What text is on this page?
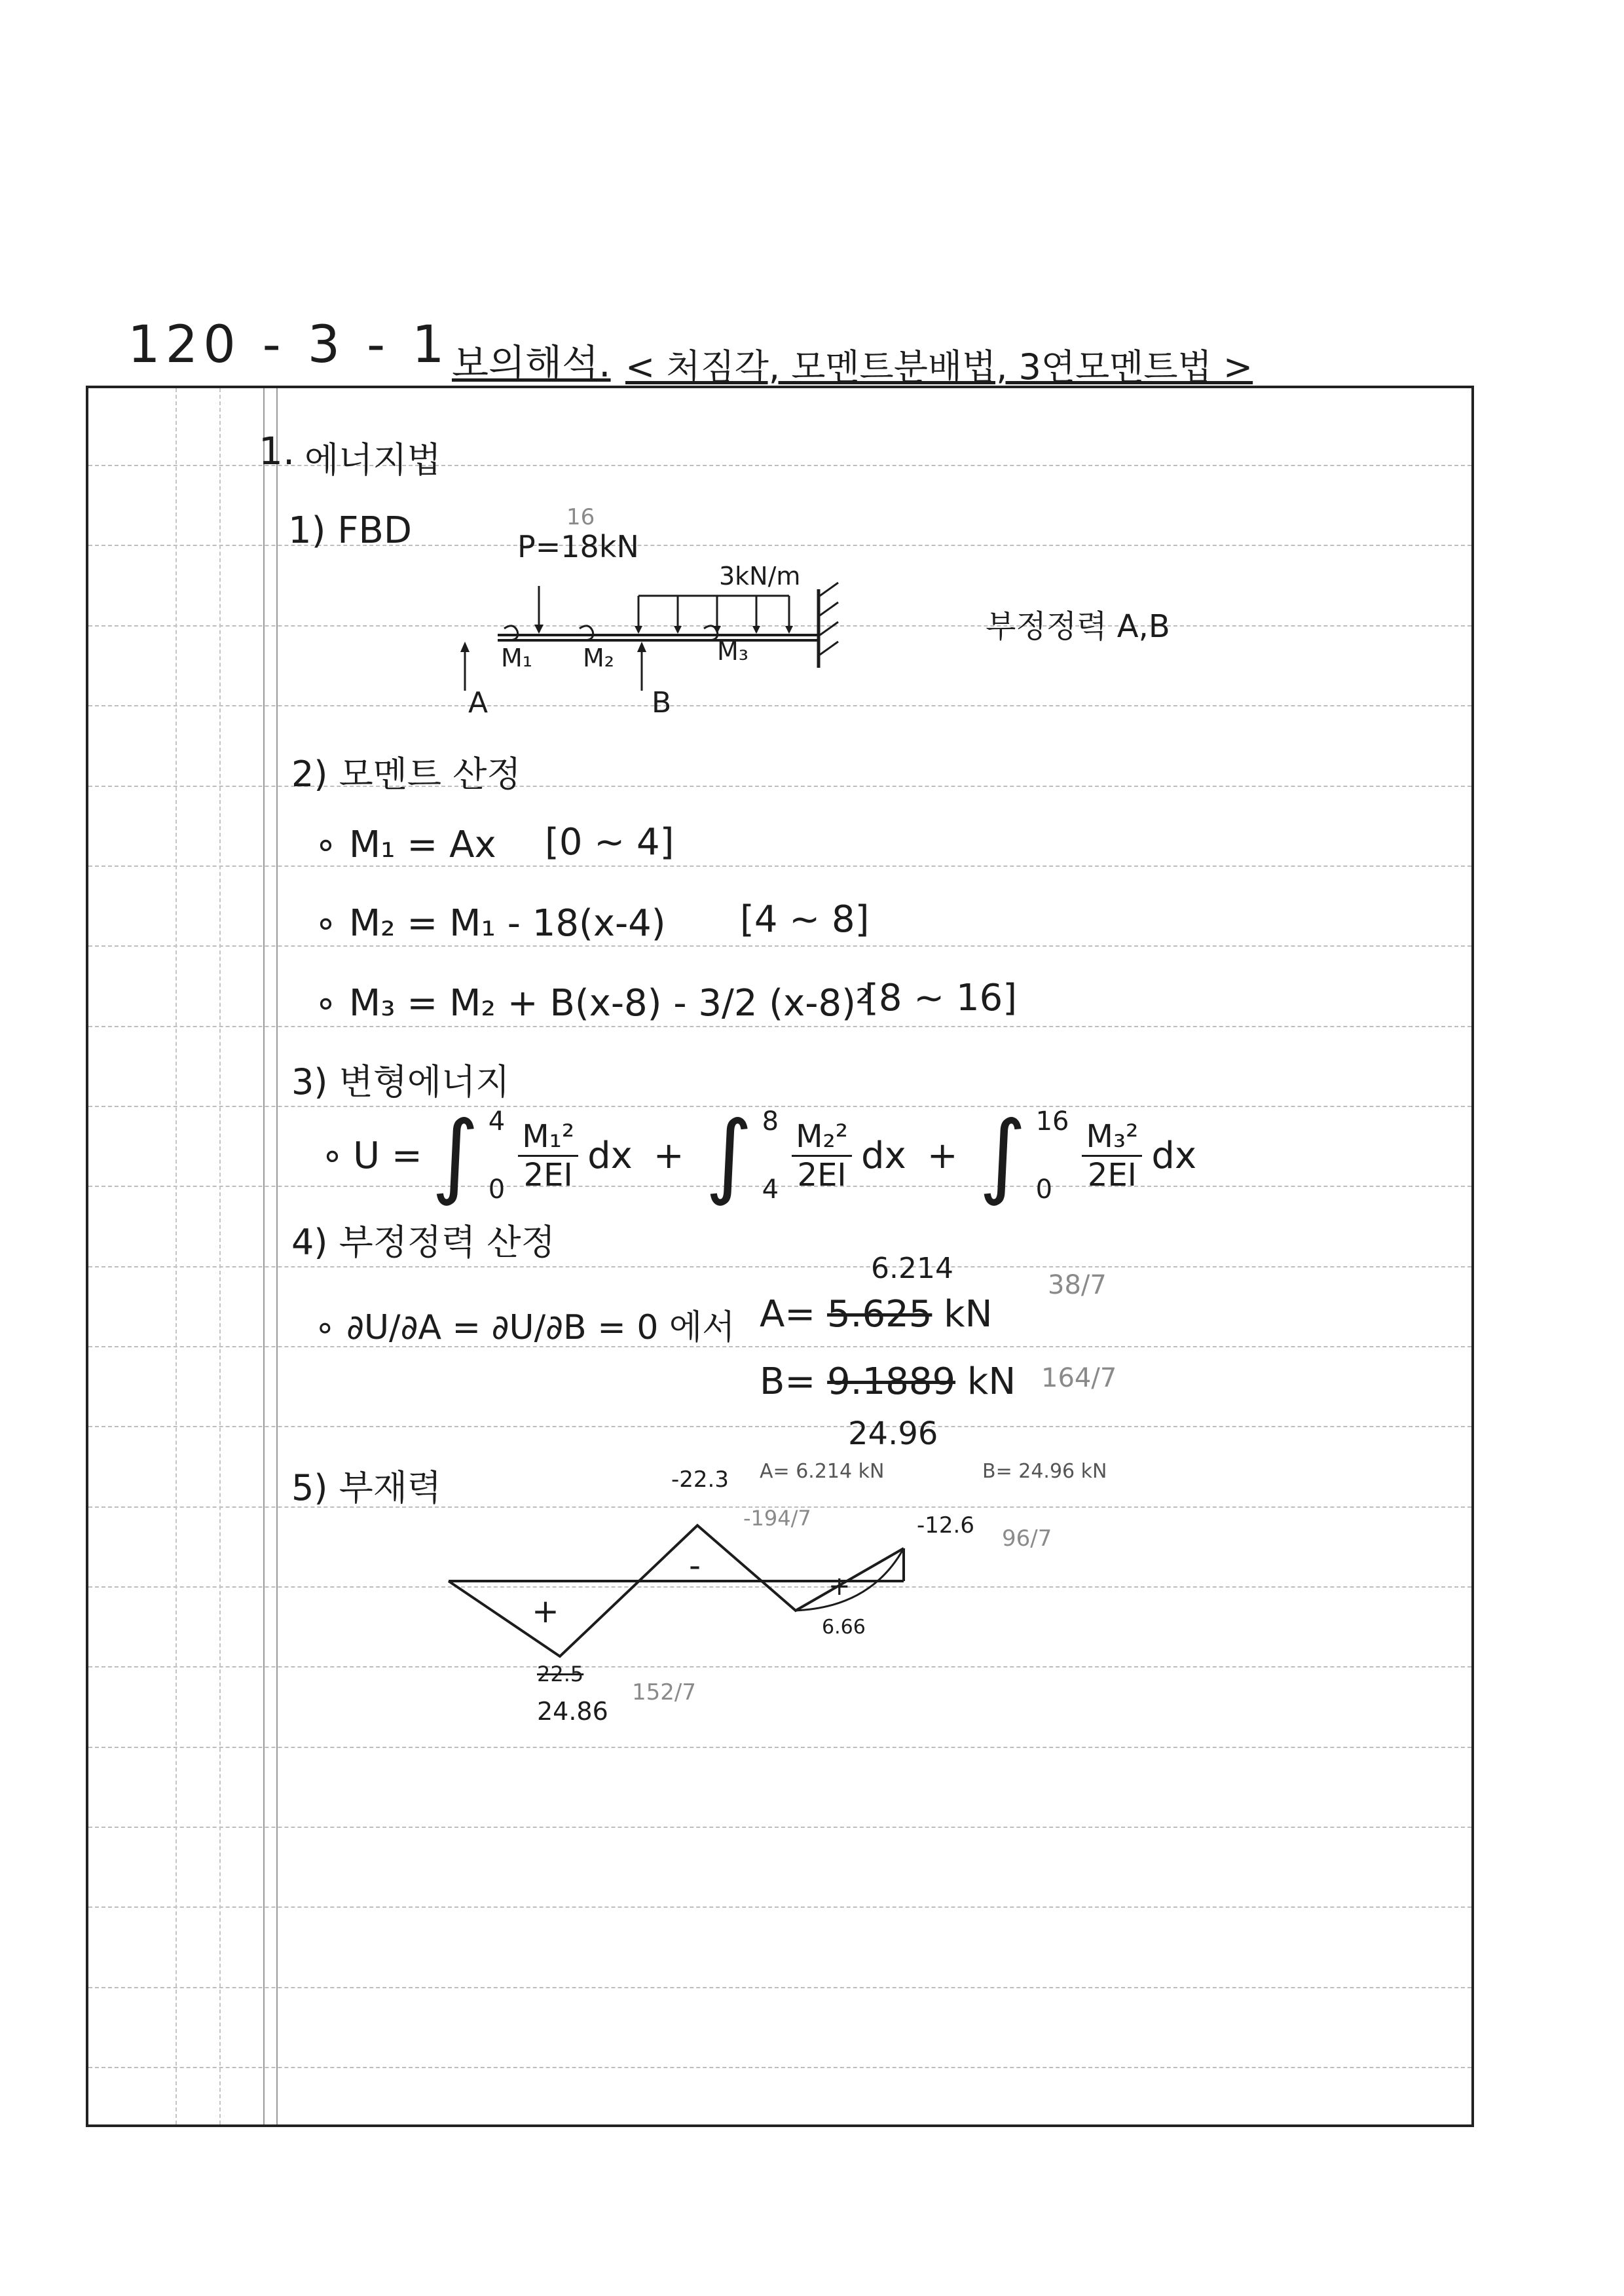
120 - 3 - 1 보의해석. < 처짐각, 모멘트분배법, 3연모멘트법 >
1. 에너지법
1) FBD	P=18kN
16
3kN/m
부정정력 A,B
M₁ M₂	M₃
A	B
2) 모멘트 산정
∘ M₁ = Ax [0 ~ 4]
∘ M₂ = M₁ - 18(x-4) [4 ~ 8]
∘ M₃ = M₂ + B(x-8) - 3/2 (x-8)²
[8 ~ 16]
3) 변형에너지
∘ U = ∫ 4
$0 \frac{\text{M₁²}}{2EI}$ dx + ∫ 8
$4 \frac{\text{M₂²}}{2EI}$ dx + ∫ 16
$0 \frac{\text{M₃²}}{2EI}$ dx
4) 부정정력 산정
∘ ∂U/∂A = ∂U/∂B = 0 에서 A= 5.625 kN
6.214
B= 9.1889 kN
24.96
38/7
164/7
A= 6.214 kN	B= 24.96 kN
5) 부재력
+
-
+
-22.3
-194/7	-12.6 96/7
6.66
22.5
24.86
152/7
